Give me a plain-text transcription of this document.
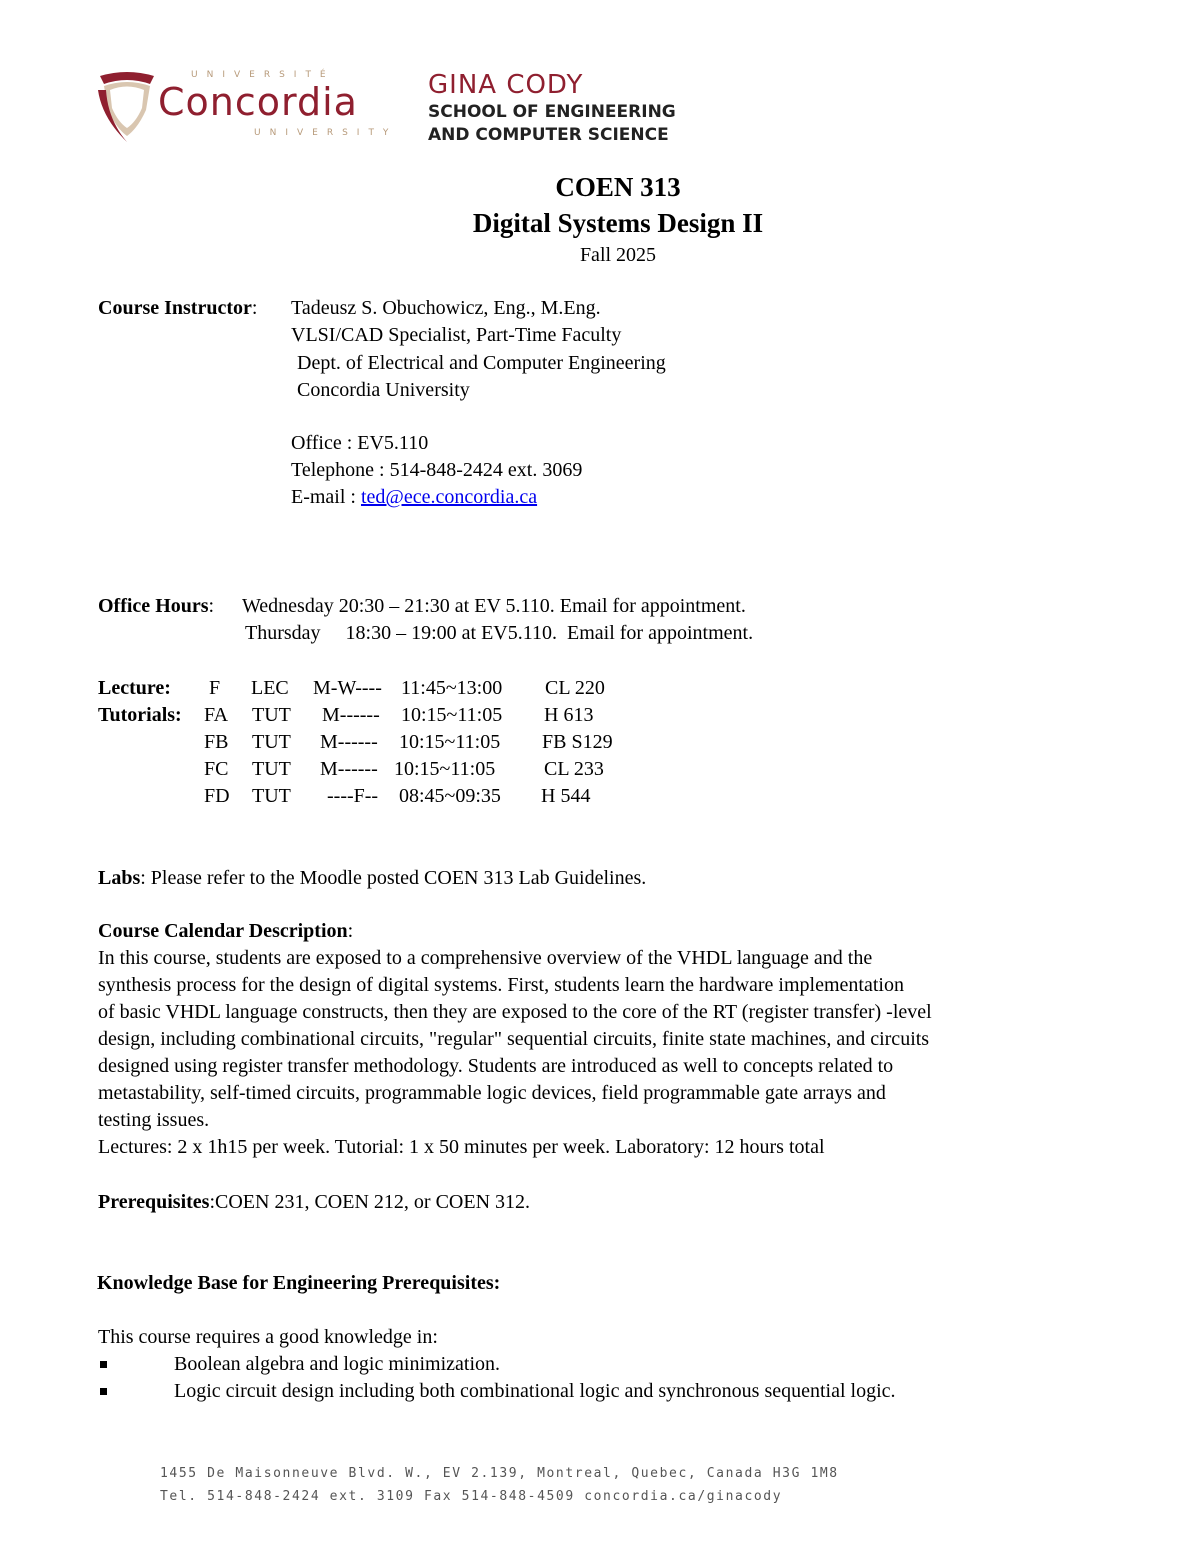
UNIVERSITÉ
Concordia
UNIVERSITY
GINA CODY
SCHOOL OF ENGINEERING
AND COMPUTER SCIENCE
COEN 313
Digital Systems Design II
Fall 2025
Course Instructor: Tadeusz S. Obuchowicz, Eng., M.Eng.
VLSI/CAD Specialist, Part-Time Faculty
Dept. of Electrical and Computer Engineering
Concordia University
Office : EV5.110
Telephone : 514-848-2424 ext. 3069
E-mail : ted@ece.concordia.ca
Office Hours: Wednesday 20:30 – 21:30 at EV 5.110. Email for appointment.
Thursday     18:30 – 19:00 at EV5.110.  Email for appointment.
Lecture:
Tutorials:
F LEC M-W---- 11:45~13:00 CL 220
FA TUT M------ 10:15~11:05 H 613
FB TUT M------ 10:15~11:05 FB S129
FC TUT M------ 10:15~11:05 CL 233
FD TUT ----F-- 08:45~09:35 H 544
Labs: Please refer to the Moodle posted COEN 313 Lab Guidelines.
Course Calendar Description:
In this course, students are exposed to a comprehensive overview of the VHDL language and the
synthesis process for the design of digital systems. First, students learn the hardware implementation
of basic VHDL language constructs, then they are exposed to the core of the RT (register transfer) -level
design, including combinational circuits, "regular" sequential circuits, finite state machines, and circuits
designed using register transfer methodology. Students are introduced as well to concepts related to
metastability, self-timed circuits, programmable logic devices, field programmable gate arrays and
testing issues.
Lectures: 2 x 1h15 per week. Tutorial: 1 x 50 minutes per week. Laboratory: 12 hours total
Prerequisites:COEN 231, COEN 212, or COEN 312.
Knowledge Base for Engineering Prerequisites:
This course requires a good knowledge in:
Boolean algebra and logic minimization.
Logic circuit design including both combinational logic and synchronous sequential logic.
1455 De Maisonneuve Blvd. W., EV 2.139, Montreal, Quebec, Canada H3G 1M8
Tel. 514-848-2424 ext. 3109 Fax 514-848-4509 concordia.ca/ginacody
